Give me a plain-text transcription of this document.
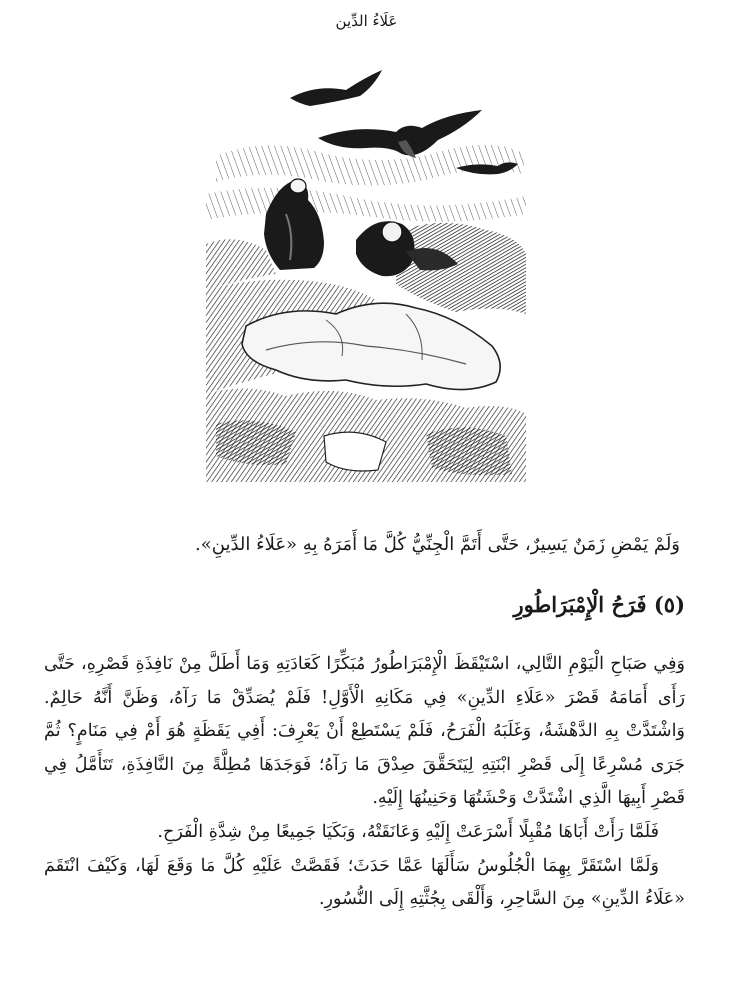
عَلَاءُ الدِّين
وَلَمْ يَمْضِ زَمَنٌ يَسِيرٌ، حَتَّى أَتَمَّ الْجِنِّيُّ كُلَّ مَا أَمَرَهُ بِهِ «عَلَاءُ الدِّينِ».
(٥) فَرَحُ الْإِمْبَرَاطُورِ

وَفِي صَبَاحِ الْيَوْمِ التَّالِي، اسْتَيْقَظَ الْإِمْبَرَاطُورُ مُبَكِّرًا كَعَادَتِهِ وَمَا أَطَلَّ مِنْ نَافِذَةِ قَصْرِهِ، حَتَّى رَأَى أَمَامَهُ قَصْرَ «عَلَاءِ الدِّينِ» فِي مَكَانِهِ الْأَوَّلِ! فَلَمْ يُصَدِّقْ مَا رَآهُ، وَظَنَّ أَنَّهُ حَالِمٌ. وَاشْتَدَّتْ بِهِ الدَّهْشَةُ، وَغَلَبَهُ الْفَرَحُ، فَلَمْ يَسْتَطِعْ أَنْ يَعْرِفَ: أَفِي يَقَظَةٍ هُوَ أَمْ فِي مَنَامٍ؟ ثُمَّ جَرَى مُسْرِعًا إِلَى قَصْرِ ابْنَتِهِ لِيَتَحَقَّقَ صِدْقَ مَا رَآهُ؛ فَوَجَدَهَا مُطِلَّةً مِنَ النَّافِذَةِ، تَتَأَمَّلُ فِي قَصْرِ أَبِيهَا الَّذِي اشْتَدَّتْ وَحْشَتُهَا وَحَنِينُهَا إِلَيْهِ.

فَلَمَّا رَأَتْ أَبَاهَا مُقْبِلًا أَسْرَعَتْ إِلَيْهِ وَعَانَقَتْهُ، وَبَكَيَا جَمِيعًا مِنْ شِدَّةِ الْفَرَحِ.

وَلَمَّا اسْتَقَرَّ بِهِمَا الْجُلُوسُ سَأَلَهَا عَمَّا حَدَثَ؛ فَقَصَّتْ عَلَيْهِ كُلَّ مَا وَقَعَ لَهَا، وَكَيْفَ انْتَقَمَ «عَلَاءُ الدِّينِ» مِنَ السَّاحِرِ، وَأَلْقَى بِجُثَّتِهِ إِلَى النُّسُورِ.
